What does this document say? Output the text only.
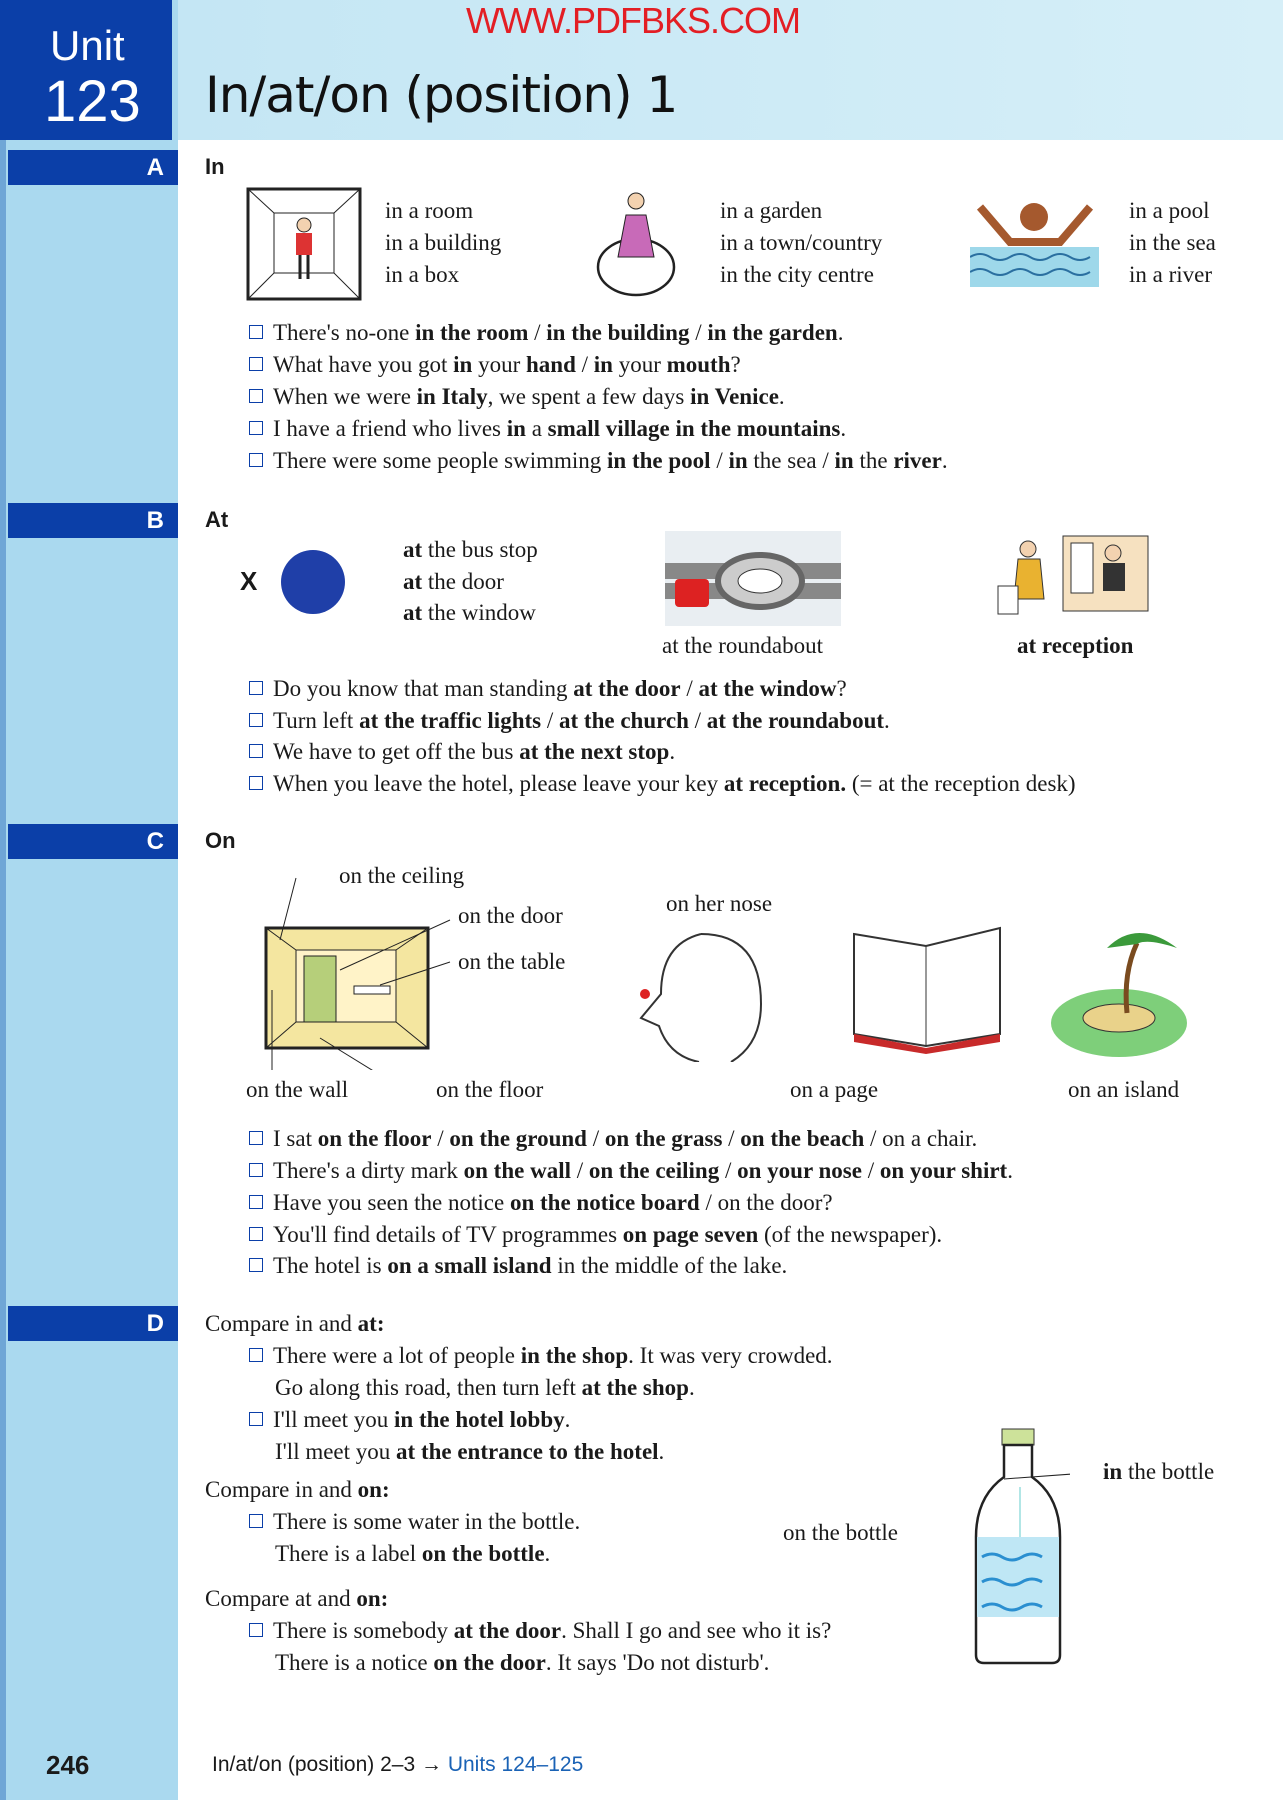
Unit
123
WWW.PDFBKS.COM
In/at/on (position) 1
A	In
in a room
in a building
in a box
in a garden
in a town/country
in the city centre
in a pool
in the sea
in a river
There's no-one in the room / in the building / in the garden.
What have you got in your hand / in your mouth?
When we were in Italy, we spent a few days in Venice.
I have a friend who lives in a small village in the mountains.
There were some people swimming in the pool / in the sea / in the river.
B	At
X
at the bus stop
at the door
at the window
at the roundabout	at reception
Do you know that man standing at the door / at the window?
Turn left at the traffic lights / at the church / at the roundabout.
We have to get off the bus at the next stop.
When you leave the hotel, please leave your key at reception. (= at the reception desk)
C	On
on the ceiling
on the door
on the table
on the wall	on the floor
on her nose
on a page	on an island
I sat on the floor / on the ground / on the grass / on the beach / on a chair.
There's a dirty mark on the wall / on the ceiling / on your nose / on your shirt.
Have you seen the notice on the notice board / on the door?
You'll find details of TV programmes on page seven (of the newspaper).
The hotel is on a small island in the middle of the lake.
D	Compare in and at:
There were a lot of people in the shop. It was very crowded.
Go along this road, then turn left at the shop.
I'll meet you in the hotel lobby.
I'll meet you at the entrance to the hotel.
Compare in and on:
There is some water in the bottle.
There is a label on the bottle.
Compare at and on:
There is somebody at the door. Shall I go and see who it is?
There is a notice on the door. It says 'Do not disturb'.
in the bottle
on the bottle
246	In/at/on (position) 2–3 → Units 124–125
